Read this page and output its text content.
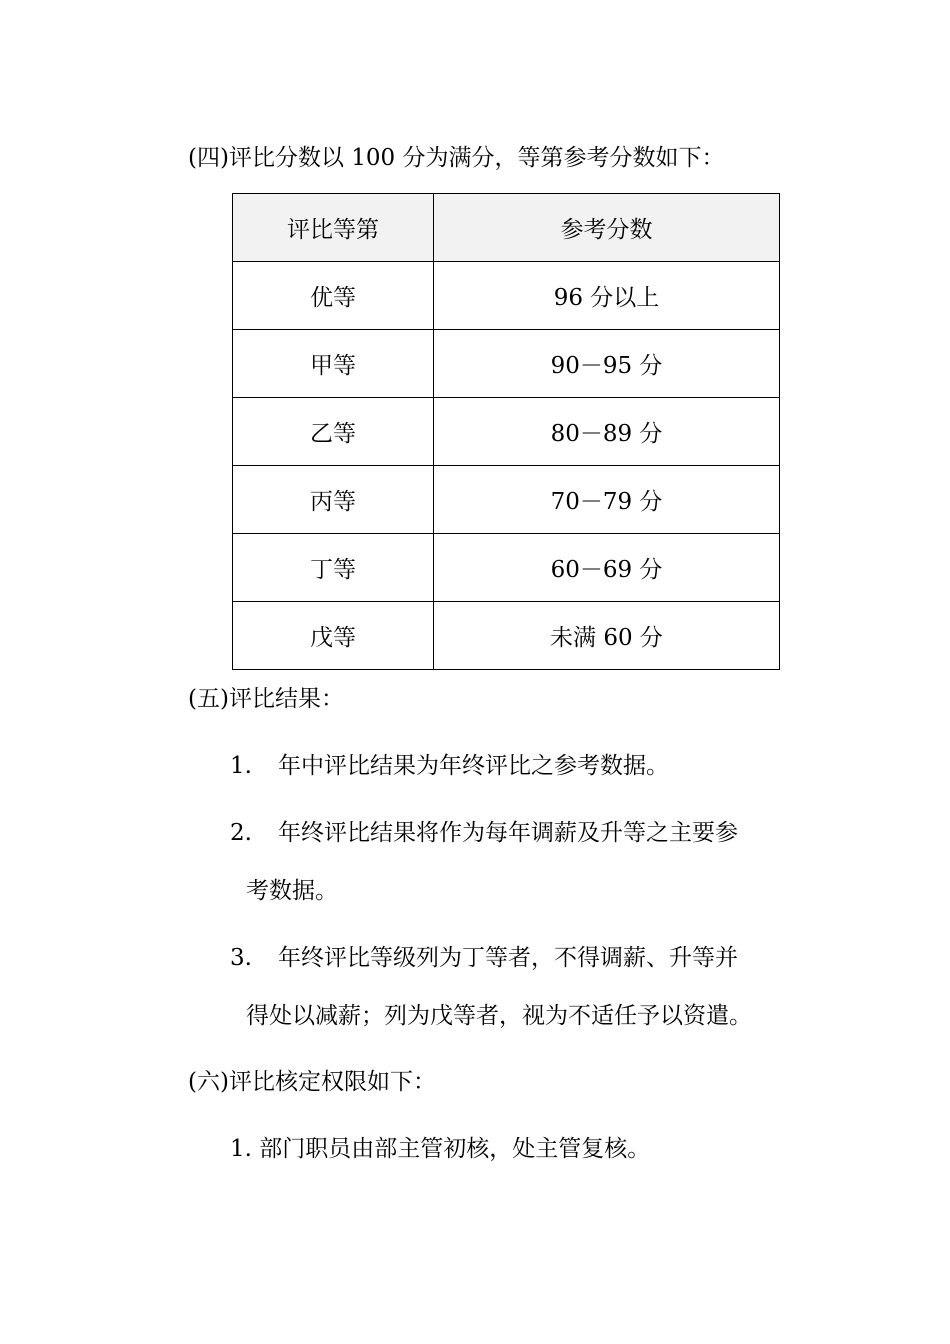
(四)评比分数以 100 分为满分，等第参考分数如下：
评比等第	参考分数
优等	96 分以上
甲等	90－95 分
乙等	80－89 分
丙等	70－79 分
丁等	60－69 分
戊等	未满 60 分
(五)评比结果：
1. 年中评比结果为年终评比之参考数据。
2. 年终评比结果将作为每年调薪及升等之主要参
考数据。
3. 年终评比等级列为丁等者，不得调薪、升等并
得处以减薪；列为戊等者，视为不适任予以资遣。
(六)评比核定权限如下：
1. 部门职员由部主管初核，处主管复核。
